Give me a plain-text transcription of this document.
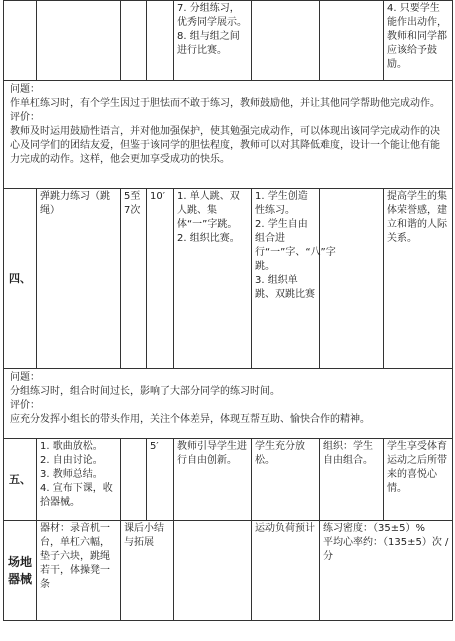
				7. 分组练习，优秀同学展示。
8. 组与组之间进行比赛。			4. 只要学生能作出动作，教师和同学都应该给予鼓励。

问题：
作单杠练习时，有个学生因过于胆怯而不敢于练习，教师鼓励他，并让其他同学帮助他完成动作。
评价：
教师及时运用鼓励性语言，并对他加强保护，使其勉强完成动作，可以体现出该同学完成动作的决心及同学们的团结友爱，但鉴于该同学的胆怯程度，教师可以对其降低难度，设计一个能让他有能力完成的动作。这样，他会更加享受成功的快乐。							

四、	弹跳力练习（跳绳）	5至7次	10′	1. 单人跳、双人跳、集体“一”字跳。
2. 组织比赛。	1. 学生创造性练习。
2. 学生自由组合进行“一”字、“八”字跳。
3. 组织单跳、双跳比赛		提高学生的集体荣誉感，建立和谐的人际关系。

问题：
分组练习时，组合时间过长，影响了大部分同学的练习时间。
评价：
应充分发挥小组长的带头作用，关注个体差异，体现互帮互助、愉快合作的精神。							

五、	1. 歌曲放松。
2. 自由讨论。
3. 教师总结。
4. 宣布下课，收拾器械。		5′	教师引导学生进行自由创新。	学生充分放松。	组织：学生自由组合。	学生享受体育运动之后所带来的喜悦心情。
场地器械	器材：录音机一台，单杠六幅，垫子六块，跳绳若干，体操凳一条	课后小结与拓展			运动负荷预计	练习密度：（35±5）%
平均心率约：（135±5）次 / 分	
